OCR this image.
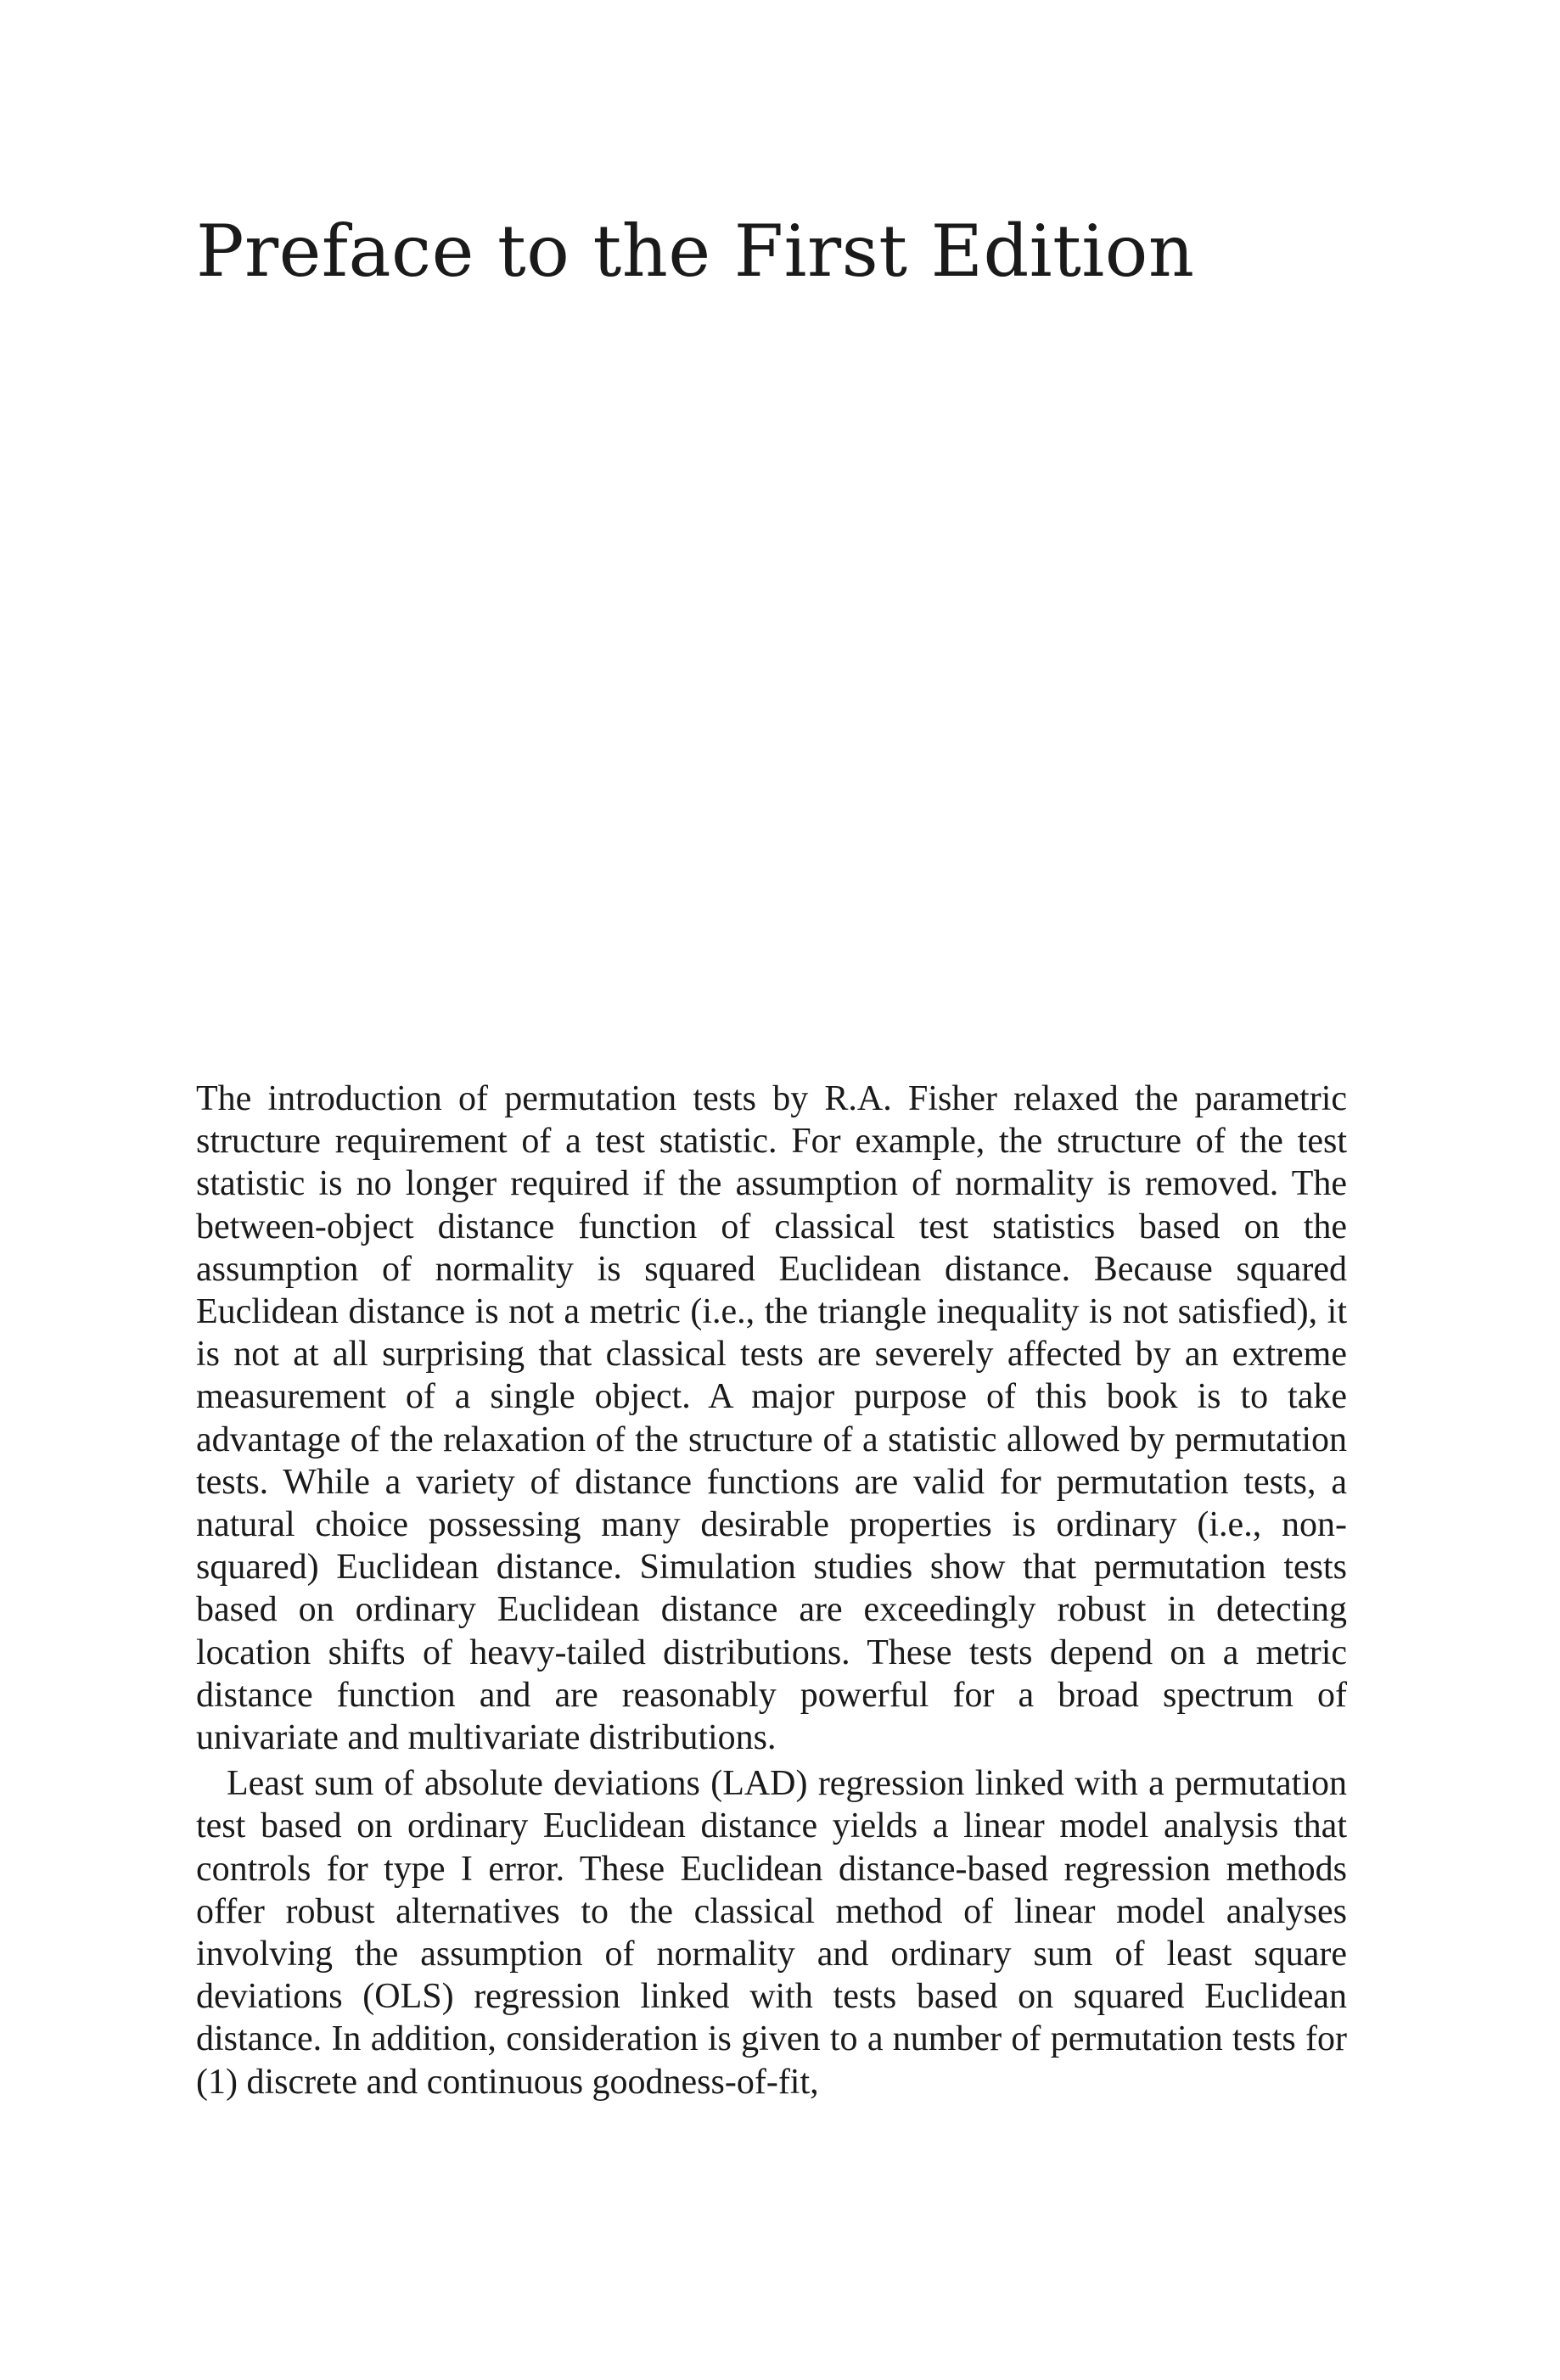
Preface to the First Edition

The introduction of permutation tests by R.A. Fisher relaxed the parametric structure requirement of a test statistic. For example, the structure of the test statistic is no longer required if the assumption of normality is removed. The between-object distance function of classical test statistics based on the assumption of normality is squared Euclidean distance. Because squared Euclidean distance is not a metric (i.e., the triangle inequality is not satisfied), it is not at all surprising that classical tests are severely affected by an extreme measurement of a single object. A major purpose of this book is to take advantage of the relaxation of the structure of a statistic allowed by permutation tests. While a variety of distance functions are valid for permutation tests, a natural choice possessing many desirable properties is ordinary (i.e., non-squared) Euclidean distance. Simulation studies show that permutation tests based on ordinary Euclidean distance are exceedingly robust in detecting location shifts of heavy-tailed distributions. These tests depend on a metric distance function and are reasonably powerful for a broad spectrum of univariate and multivariate distributions.

Least sum of absolute deviations (LAD) regression linked with a permutation test based on ordinary Euclidean distance yields a linear model analysis that controls for type I error. These Euclidean distance-based regression methods offer robust alternatives to the classical method of linear model analyses involving the assumption of normality and ordinary sum of least square deviations (OLS) regression linked with tests based on squared Euclidean distance. In addition, consideration is given to a number of permutation tests for (1) discrete and continuous goodness-of-fit,
